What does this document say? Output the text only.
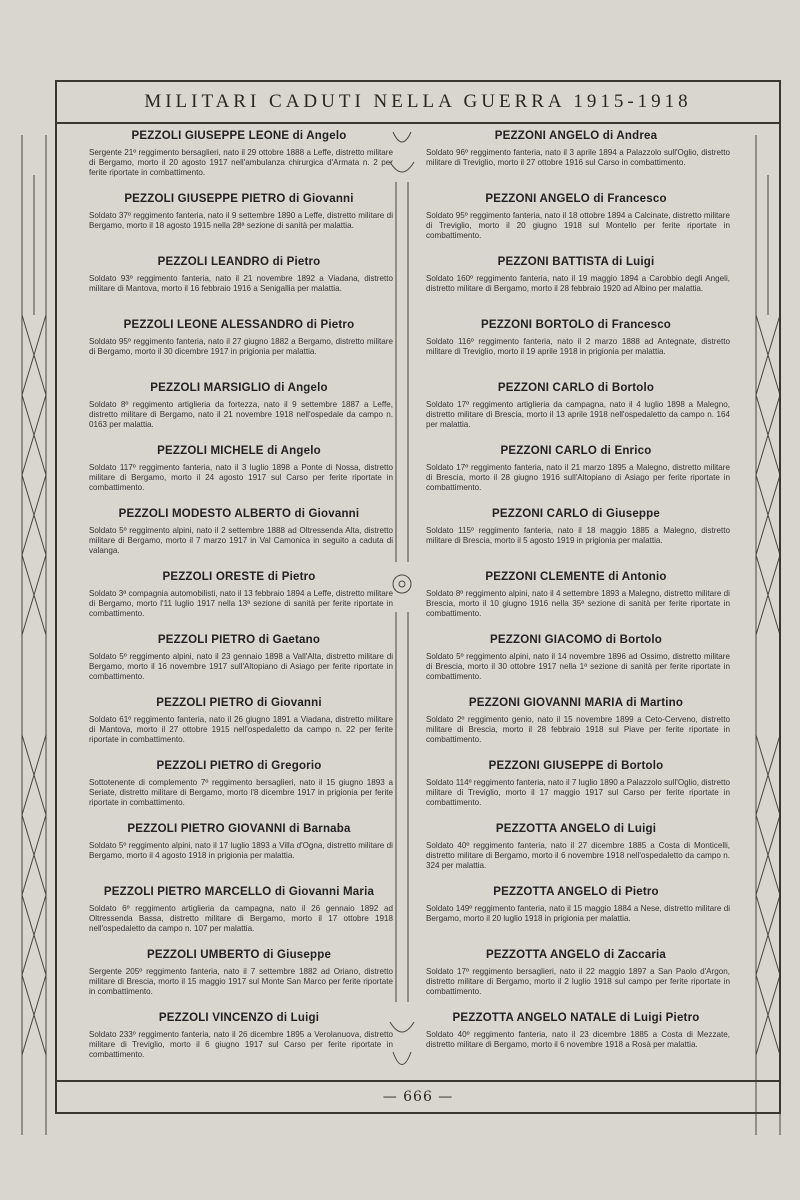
MILITARI CADUTI NELLA GUERRA 1915-1918
PEZZOLI GIUSEPPE LEONE di Angelo
Sergente 21º reggimento bersaglieri, nato il 29 ottobre 1888 a Leffe, distretto militare di Bergamo, morto il 20 agosto 1917 nell'ambulanza chirurgica d'Armata n. 2 per ferite riportate in combattimento.
PEZZOLI GIUSEPPE PIETRO di Giovanni
Soldato 37º reggimento fanteria, nato il 9 settembre 1890 a Leffe, distretto militare di Bergamo, morto il 18 agosto 1915 nella 28ª sezione di sanità per malattia.
PEZZOLI LEANDRO di Pietro
Soldato 93º reggimento fanteria, nato il 21 novembre 1892 a Viadana, distretto militare di Mantova, morto il 16 febbraio 1916 a Senigallia per malattia.
PEZZOLI LEONE ALESSANDRO di Pietro
Soldato 95º reggimento fanteria, nato il 27 giugno 1882 a Bergamo, distretto militare di Bergamo, morto il 30 dicembre 1917 in prigionia per malattia.
PEZZOLI MARSIGLIO di Angelo
Soldato 8º reggimento artiglieria da fortezza, nato il 9 settembre 1887 a Leffe, distretto militare di Bergamo, nato il 21 novembre 1918 nell'ospedale da campo n. 0163 per malattia.
PEZZOLI MICHELE di Angelo
Soldato 117º reggimento fanteria, nato il 3 luglio 1898 a Ponte di Nossa, distretto militare di Bergamo, morto il 24 agosto 1917 sul Carso per ferite riportate in combattimento.
PEZZOLI MODESTO ALBERTO di Giovanni
Soldato 5º reggimento alpini, nato il 2 settembre 1888 ad Oltressenda Alta, distretto militare di Bergamo, morto il 7 marzo 1917 in Val Camonica in seguito a caduta di valanga.
PEZZOLI ORESTE di Pietro
Soldato 3ª compagnia automobilisti, nato il 13 febbraio 1894 a Leffe, distretto militare di Bergamo, morto l'11 luglio 1917 nella 13ª sezione di sanità per ferite riportate in combattimento.
PEZZOLI PIETRO di Gaetano
Soldato 5º reggimento alpini, nato il 23 gennaio 1898 a Vall'Alta, distretto militare di Bergamo, morto il 16 novembre 1917 sull'Altopiano di Asiago per ferite riportate in combattimento.
PEZZOLI PIETRO di Giovanni
Soldato 61º reggimento fanteria, nato il 26 giugno 1891 a Viadana, distretto militare di Mantova, morto il 27 ottobre 1915 nell'ospedaletto da campo n. 22 per ferite riportate in combattimento.
PEZZOLI PIETRO di Gregorio
Sottotenente di complemento 7º reggimento bersaglieri, nato il 15 giugno 1893 a Seriate, distretto militare di Bergamo, morto l'8 dicembre 1917 in prigionia per ferite riportate in combattimento.
PEZZOLI PIETRO GIOVANNI di Barnaba
Soldato 5º reggimento alpini, nato il 17 luglio 1893 a Villa d'Ogna, distretto militare di Bergamo, morto il 4 agosto 1918 in prigionia per malattia.
PEZZOLI PIETRO MARCELLO di Giovanni Maria
Soldato 6º reggimento artiglieria da campagna, nato il 26 gennaio 1892 ad Oltressenda Bassa, distretto militare di Bergamo, morto il 17 ottobre 1918 nell'ospedaletto da campo n. 107 per malattia.
PEZZOLI UMBERTO di Giuseppe
Sergente 205º reggimento fanteria, nato il 7 settembre 1882 ad Oriano, distretto militare di Brescia, morto il 15 maggio 1917 sul Monte San Marco per ferite riportate in combattimento.
PEZZOLI VINCENZO di Luigi
Soldato 233º reggimento fanteria, nato il 26 dicembre 1895 a Verolanuova, distretto militare di Treviglio, morto il 6 giugno 1917 sul Carso per ferite riportate in combattimento.
PEZZONI ANGELO di Andrea
Soldato 96º reggimento fanteria, nato il 3 aprile 1894 a Palazzolo sull'Oglio, distretto militare di Treviglio, morto il 27 ottobre 1916 sul Carso in combattimento.
PEZZONI ANGELO di Francesco
Soldato 95º reggimento fanteria, nato il 18 ottobre 1894 a Calcinate, distretto militare di Treviglio, morto il 20 giugno 1918 sul Montello per ferite riportate in combattimento.
PEZZONI BATTISTA di Luigi
Soldato 160º reggimento fanteria, nato il 19 maggio 1894 a Carobbio degli Angeli, distretto militare di Bergamo, morto il 28 febbraio 1920 ad Albino per malattia.
PEZZONI BORTOLO di Francesco
Soldato 116º reggimento fanteria, nato il 2 marzo 1888 ad Antegnate, distretto militare di Treviglio, morto il 19 aprile 1918 in prigionia per malattia.
PEZZONI CARLO di Bortolo
Soldato 17º reggimento artiglieria da campagna, nato il 4 luglio 1898 a Malegno, distretto militare di Brescia, morto il 13 aprile 1918 nell'ospedaletto da campo n. 164 per malattia.
PEZZONI CARLO di Enrico
Soldato 17º reggimento fanteria, nato il 21 marzo 1895 a Malegno, distretto militare di Brescia, morto il 28 giugno 1916 sull'Altopiano di Asiago per ferite riportate in combattimento.
PEZZONI CARLO di Giuseppe
Soldato 115º reggimento fanteria, nato il 18 maggio 1885 a Malegno, distretto militare di Brescia, morto il 5 agosto 1919 in prigionia per malattia.
PEZZONI CLEMENTE di Antonio
Soldato 8º reggimento alpini, nato il 4 settembre 1893 a Malegno, distretto militare di Brescia, morto il 10 giugno 1916 nella 35ª sezione di sanità per ferite riportate in combattimento.
PEZZONI GIACOMO di Bortolo
Soldato 5º reggimento alpini, nato il 14 novembre 1896 ad Ossimo, distretto militare di Brescia, morto il 30 ottobre 1917 nella 1ª sezione di sanità per ferite riportate in combattimento.
PEZZONI GIOVANNI MARIA di Martino
Soldato 2º reggimento genio, nato il 15 novembre 1899 a Ceto-Cerveno, distretto militare di Brescia, morto il 28 febbraio 1918 sul Piave per ferite riportate in combattimento.
PEZZONI GIUSEPPE di Bortolo
Soldato 114º reggimento fanteria, nato il 7 luglio 1890 a Palazzolo sull'Oglio, distretto militare di Treviglio, morto il 17 maggio 1917 sul Carso per ferite riportate in combattimento.
PEZZOTTA ANGELO di Luigi
Soldato 40º reggimento fanteria, nato il 27 dicembre 1885 a Costa di Monticelli, distretto militare di Bergamo, morto il 6 novembre 1918 nell'ospedaletto da campo n. 324 per malattia.
PEZZOTTA ANGELO di Pietro
Soldato 149º reggimento fanteria, nato il 15 maggio 1884 a Nese, distretto militare di Bergamo, morto il 20 luglio 1918 in prigionia per malattia.
PEZZOTTA ANGELO di Zaccaria
Soldato 17º reggimento bersaglieri, nato il 22 maggio 1897 a San Paolo d'Argon, distretto militare di Bergamo, morto il 2 luglio 1918 sul campo per ferite riportate in combattimento.
PEZZOTTA ANGELO NATALE di Luigi Pietro
Soldato 40º reggimento fanteria, nato il 23 dicembre 1885 a Costa di Mezzate, distretto militare di Bergamo, morto il 6 novembre 1918 a Rosà per malattia.
— 666 —
